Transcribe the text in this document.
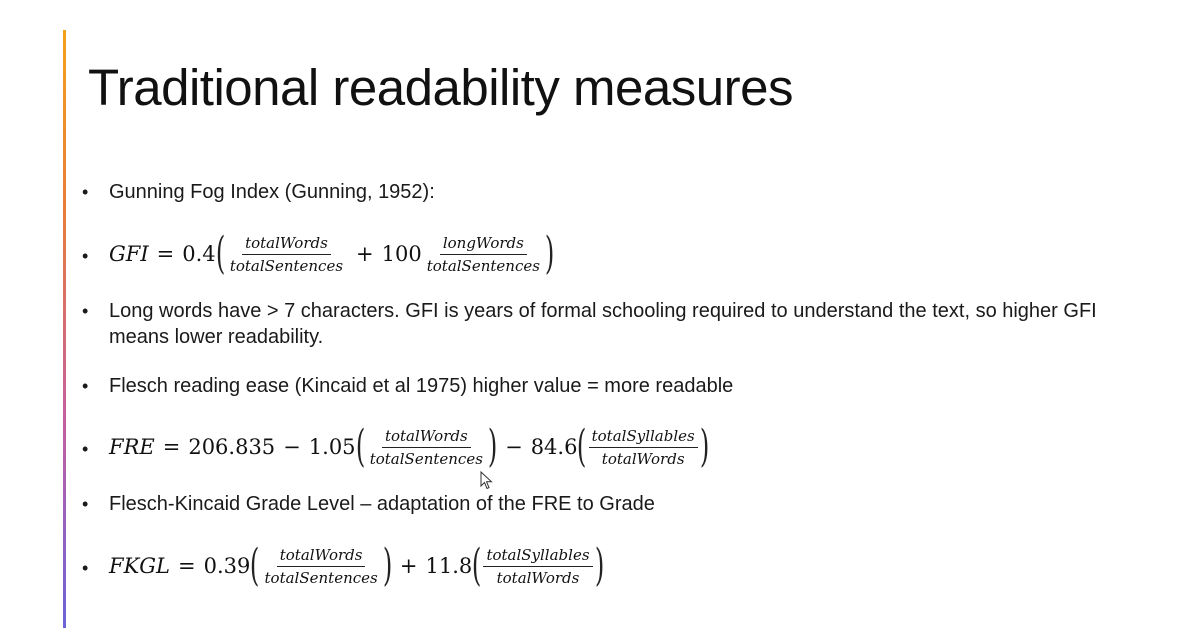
Traditional readability measures
•	Gunning Fog Index (Gunning, 1952):
• GFI = 0.4 ( $\frac{\text{totalWords}}{\text{totalSentences}} + 100 \frac{\text{longWords}}{\text{totalSentences}}$ )
•	Long words have > 7 characters. GFI is years of formal schooling required to understand the text, so higher GFI means lower readability.
•	Flesch reading ease (Kincaid et al 1975) higher value = more readable
• FRE = 206.835 − 1.05 ( $\frac{\text{totalWords}}{\text{totalSentences}}$ ) − 84.6 ( $\frac{\text{totalSyllables}}{\text{totalWords}}$ )
•	Flesch-Kincaid Grade Level – adaptation of the FRE to Grade
• FKGL = 0.39 ( $\frac{\text{totalWords}}{\text{totalSentences}}$ ) + 11.8 ( $\frac{\text{totalSyllables}}{\text{totalWords}}$ )
